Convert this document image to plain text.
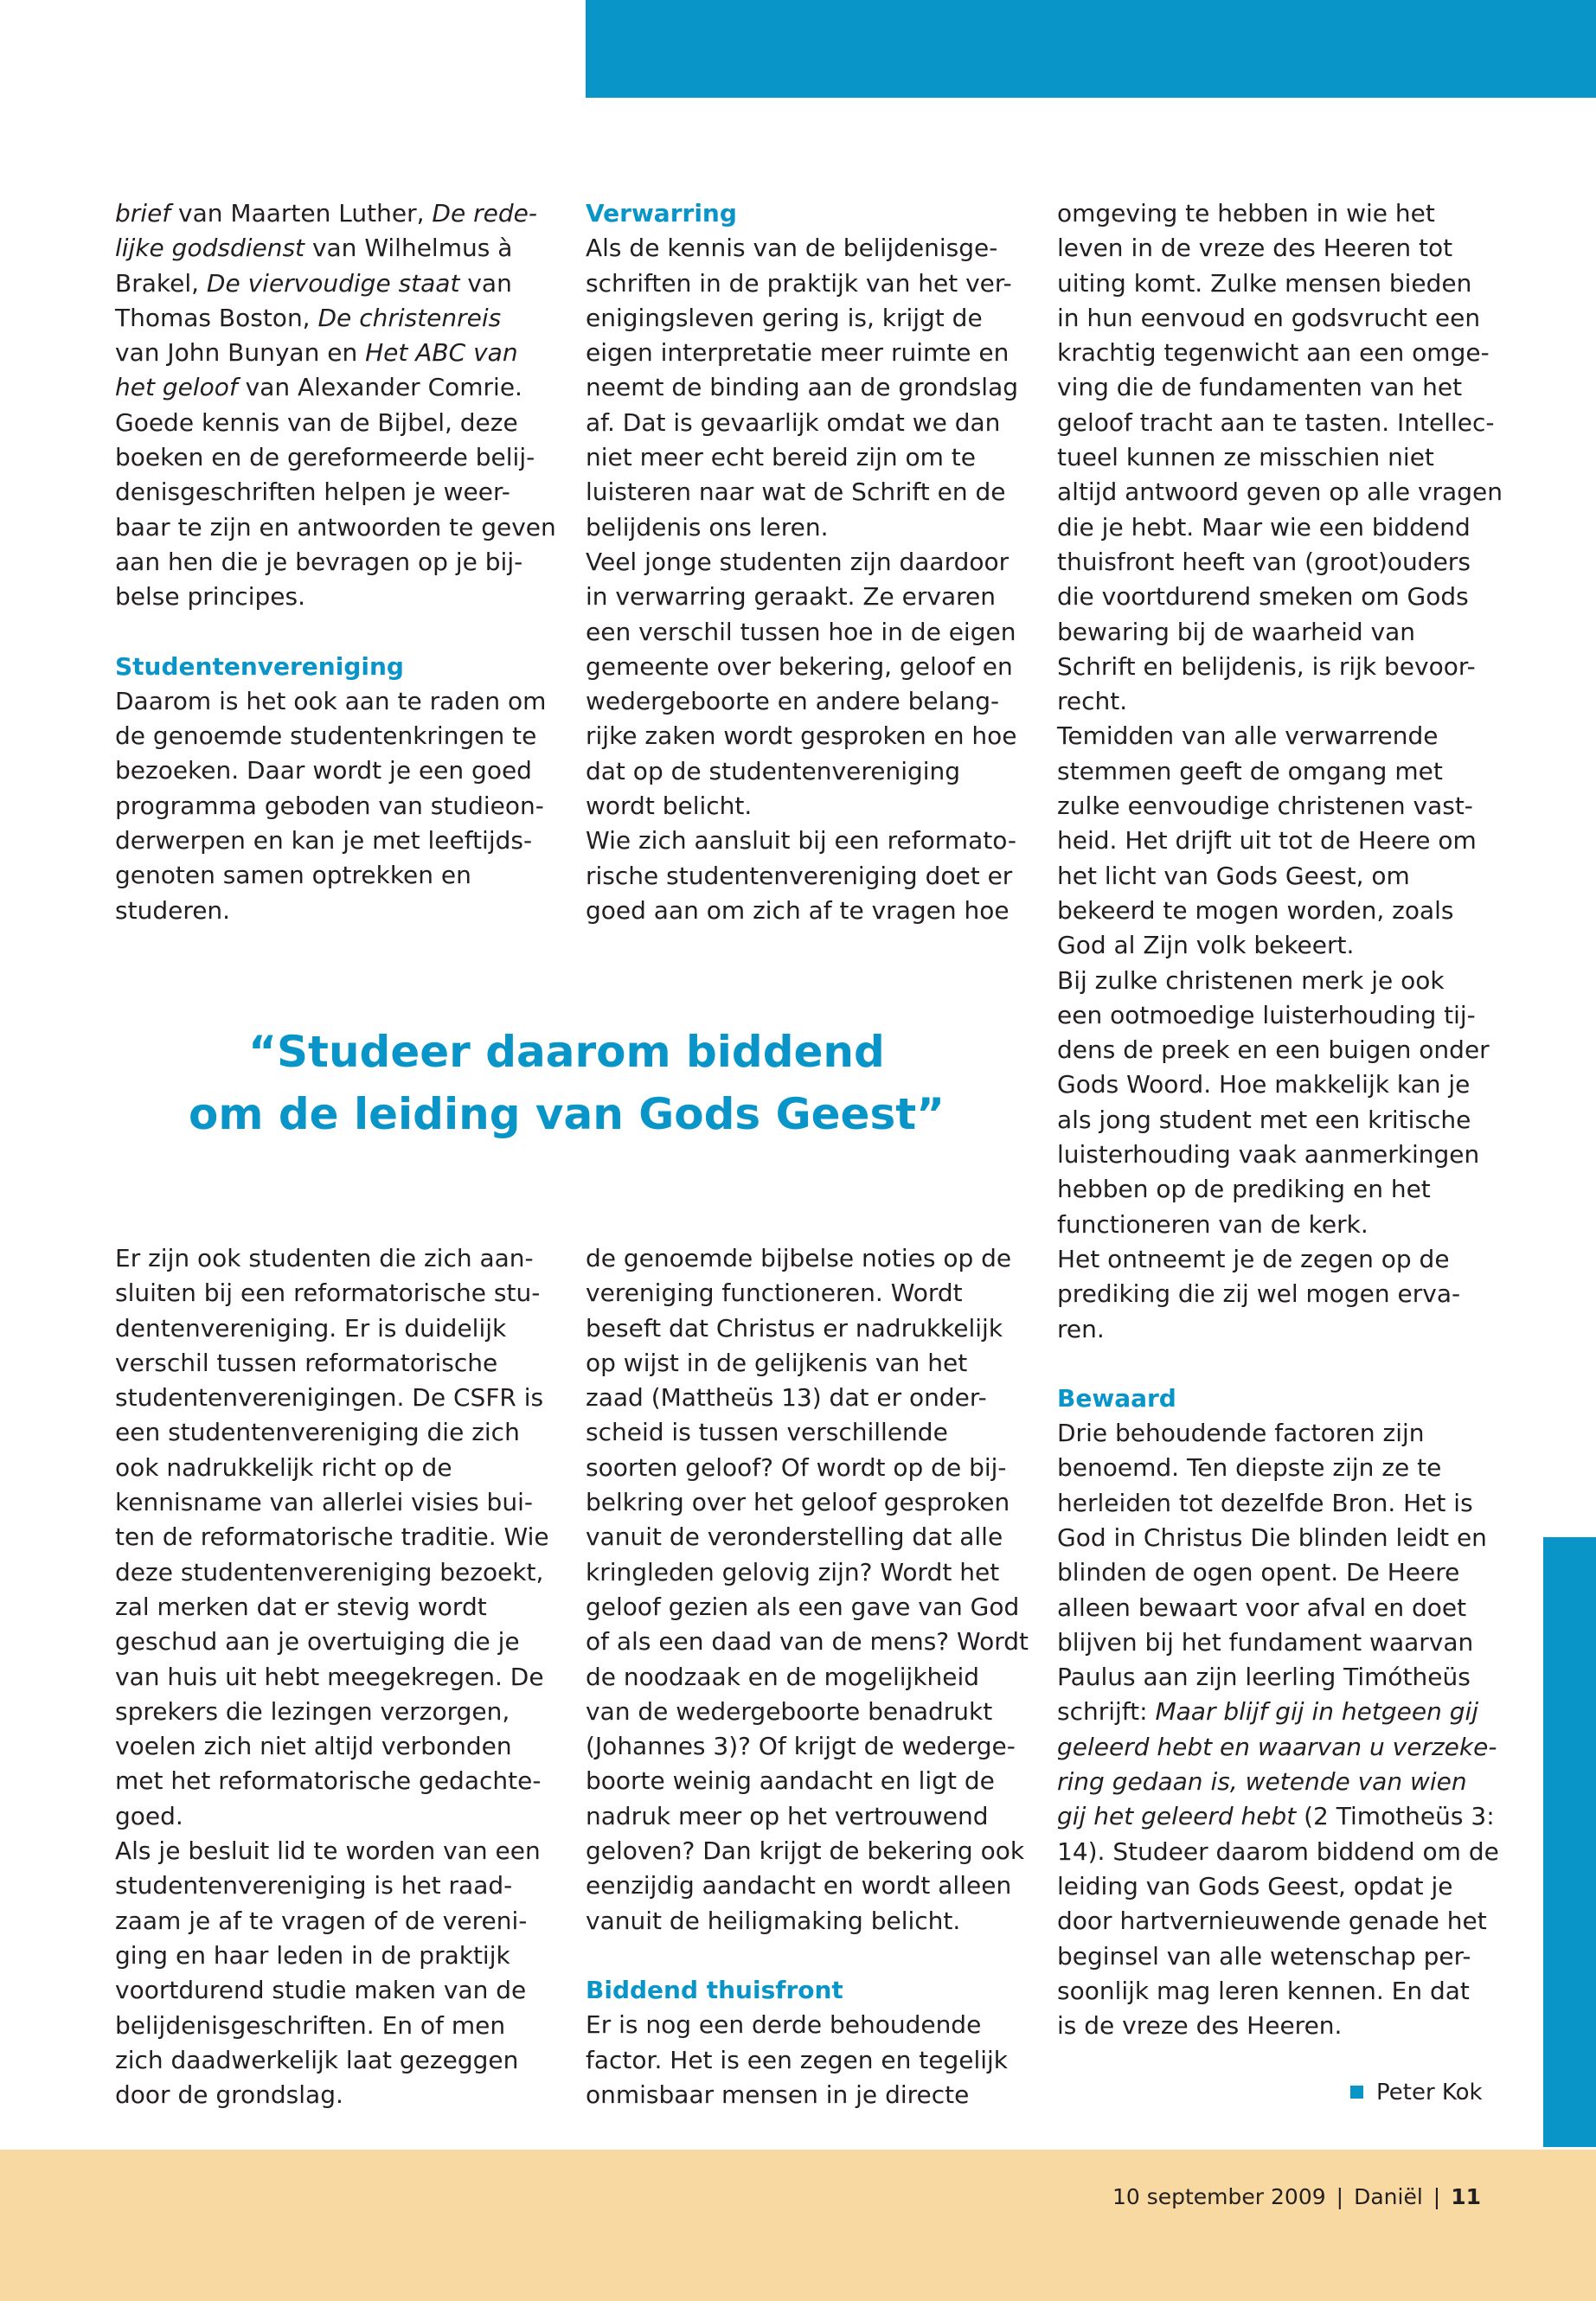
brief van Maarten Luther, De rede-
lijke godsdienst van Wilhelmus à
Brakel, De viervoudige staat van
Thomas Boston, De christenreis
van John Bunyan en Het ABC van
het geloof van Alexander Comrie.
Goede kennis van de Bijbel, deze
boeken en de gereformeerde belij-
denisgeschriften helpen je weer-
baar te zijn en antwoorden te geven
aan hen die je bevragen op je bij-
belse principes.
Studentenvereniging
Daarom is het ook aan te raden om
de genoemde studentenkringen te
bezoeken. Daar wordt je een goed
programma geboden van studieon-
derwerpen en kan je met leeftijds-
genoten samen optrekken en
studeren.
Verwarring
Als de kennis van de belijdenisge-
schriften in de praktijk van het ver-
enigingsleven gering is, krijgt de
eigen interpretatie meer ruimte en
neemt de binding aan de grondslag
af. Dat is gevaarlijk omdat we dan
niet meer echt bereid zijn om te
luisteren naar wat de Schrift en de
belijdenis ons leren.
Veel jonge studenten zijn daardoor
in verwarring geraakt. Ze ervaren
een verschil tussen hoe in de eigen
gemeente over bekering, geloof en
wedergeboorte en andere belang-
rijke zaken wordt gesproken en hoe
dat op de studentenvereniging
wordt belicht.
Wie zich aansluit bij een reformato-
rische studentenvereniging doet er
goed aan om zich af te vragen hoe
“Studeer daarom biddend
om de leiding van Gods Geest”
Er zijn ook studenten die zich aan-
sluiten bij een reformatorische stu-
dentenvereniging. Er is duidelijk
verschil tussen reformatorische
studentenverenigingen. De CSFR is
een studentenvereniging die zich
ook nadrukkelijk richt op de
kennisname van allerlei visies bui-
ten de reformatorische traditie. Wie
deze studentenvereniging bezoekt,
zal merken dat er stevig wordt
geschud aan je overtuiging die je
van huis uit hebt meegekregen. De
sprekers die lezingen verzorgen,
voelen zich niet altijd verbonden
met het reformatorische gedachte-
goed.
Als je besluit lid te worden van een
studentenvereniging is het raad-
zaam je af te vragen of de vereni-
ging en haar leden in de praktijk
voortdurend studie maken van de
belijdenisgeschriften. En of men
zich daadwerkelijk laat gezeggen
door de grondslag.
de genoemde bijbelse noties op de
vereniging functioneren. Wordt
beseft dat Christus er nadrukkelijk
op wijst in de gelijkenis van het
zaad (Mattheüs 13) dat er onder-
scheid is tussen verschillende
soorten geloof? Of wordt op de bij-
belkring over het geloof gesproken
vanuit de veronderstelling dat alle
kringleden gelovig zijn? Wordt het
geloof gezien als een gave van God
of als een daad van de mens? Wordt
de noodzaak en de mogelijkheid
van de wedergeboorte benadrukt
(Johannes 3)? Of krijgt de wederge-
boorte weinig aandacht en ligt de
nadruk meer op het vertrouwend
geloven? Dan krijgt de bekering ook
eenzijdig aandacht en wordt alleen
vanuit de heiligmaking belicht.
Biddend thuisfront
Er is nog een derde behoudende
factor. Het is een zegen en tegelijk
onmisbaar mensen in je directe
omgeving te hebben in wie het
leven in de vreze des Heeren tot
uiting komt. Zulke mensen bieden
in hun eenvoud en godsvrucht een
krachtig tegenwicht aan een omge-
ving die de fundamenten van het
geloof tracht aan te tasten. Intellec-
tueel kunnen ze misschien niet
altijd antwoord geven op alle vragen
die je hebt. Maar wie een biddend
thuisfront heeft van (groot)ouders
die voortdurend smeken om Gods
bewaring bij de waarheid van
Schrift en belijdenis, is rijk bevoor-
recht.
Temidden van alle verwarrende
stemmen geeft de omgang met
zulke eenvoudige christenen vast-
heid. Het drijft uit tot de Heere om
het licht van Gods Geest, om
bekeerd te mogen worden, zoals
God al Zijn volk bekeert.
Bij zulke christenen merk je ook
een ootmoedige luisterhouding tij-
dens de preek en een buigen onder
Gods Woord. Hoe makkelijk kan je
als jong student met een kritische
luisterhouding vaak aanmerkingen
hebben op de prediking en het
functioneren van de kerk.
Het ontneemt je de zegen op de
prediking die zij wel mogen erva-
ren.
Bewaard
Drie behoudende factoren zijn
benoemd. Ten diepste zijn ze te
herleiden tot dezelfde Bron. Het is
God in Christus Die blinden leidt en
blinden de ogen opent. De Heere
alleen bewaart voor afval en doet
blijven bij het fundament waarvan
Paulus aan zijn leerling Timótheüs
schrijft: Maar blijf gij in hetgeen gij
geleerd hebt en waarvan u verzeke-
ring gedaan is, wetende van wien
gij het geleerd hebt (2 Timotheüs 3:
14). Studeer daarom biddend om de
leiding van Gods Geest, opdat je
door hartvernieuwende genade het
beginsel van alle wetenschap per-
soonlijk mag leren kennen. En dat
is de vreze des Heeren.
Peter Kok
10 september 2009 | Daniël | 11
